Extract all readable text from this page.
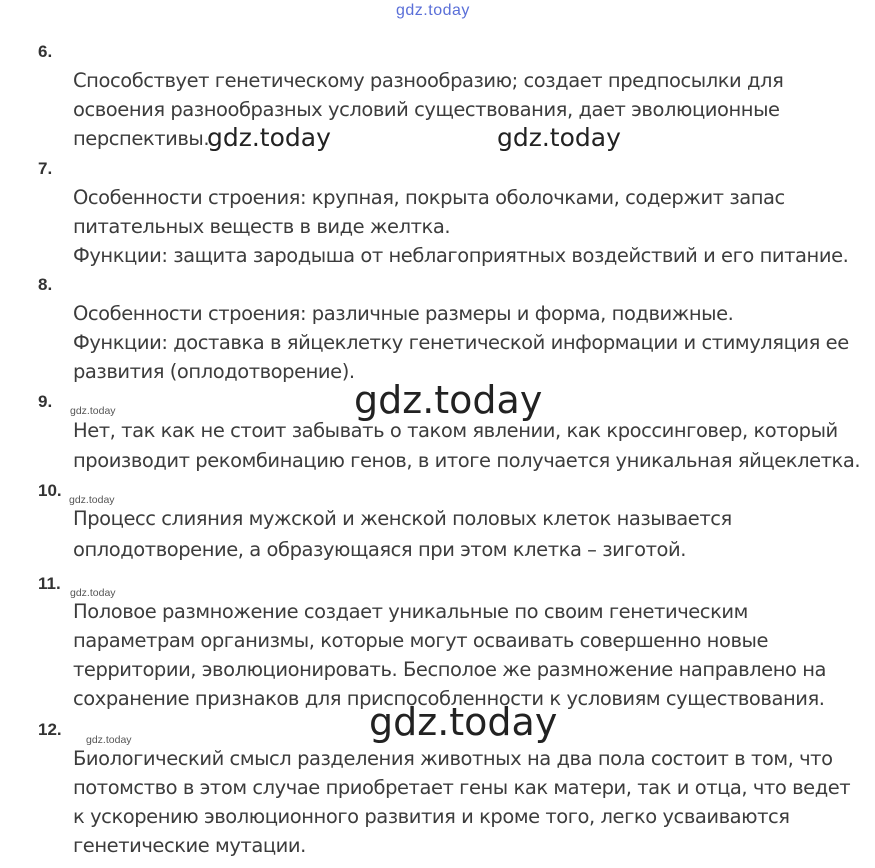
gdz.today
6.
Способствует генетическому разнообразию; создает предпосылки для
освоения разнообразных условий существования, дает эволюционные
перспективы.
gdz.today	gdz.today
7.
Особенности строения: крупная, покрыта оболочками, содержит запас
питательных веществ в виде желтка.
Функции: защита зародыша от неблагоприятных воздействий и его питание.
8.
Особенности строения: различные размеры и форма, подвижные.
Функции: доставка в яйцеклетку генетической информации и стимуляция ее
развития (оплодотворение).
9. gdz.today	gdz.today
Нет, так как не стоит забывать о таком явлении, как кроссинговер, который
производит рекомбинацию генов, в итоге получается уникальная яйцеклетка.
10. gdz.today
Процесс слияния мужской и женской половых клеток называется
оплодотворение, а образующаяся при этом клетка – зиготой.
11. gdz.today
Половое размножение создает уникальные по своим генетическим
параметрам организмы, которые могут осваивать совершенно новые
территории, эволюционировать. Бесполое же размножение направлено на
сохранение признаков для приспособленности к условиям существования.
12.	gdz.today
gdz.today
Биологический смысл разделения животных на два пола состоит в том, что
потомство в этом случае приобретает гены как матери, так и отца, что ведет
к ускорению эволюционного развития и кроме того, легко усваиваются
генетические мутации.
